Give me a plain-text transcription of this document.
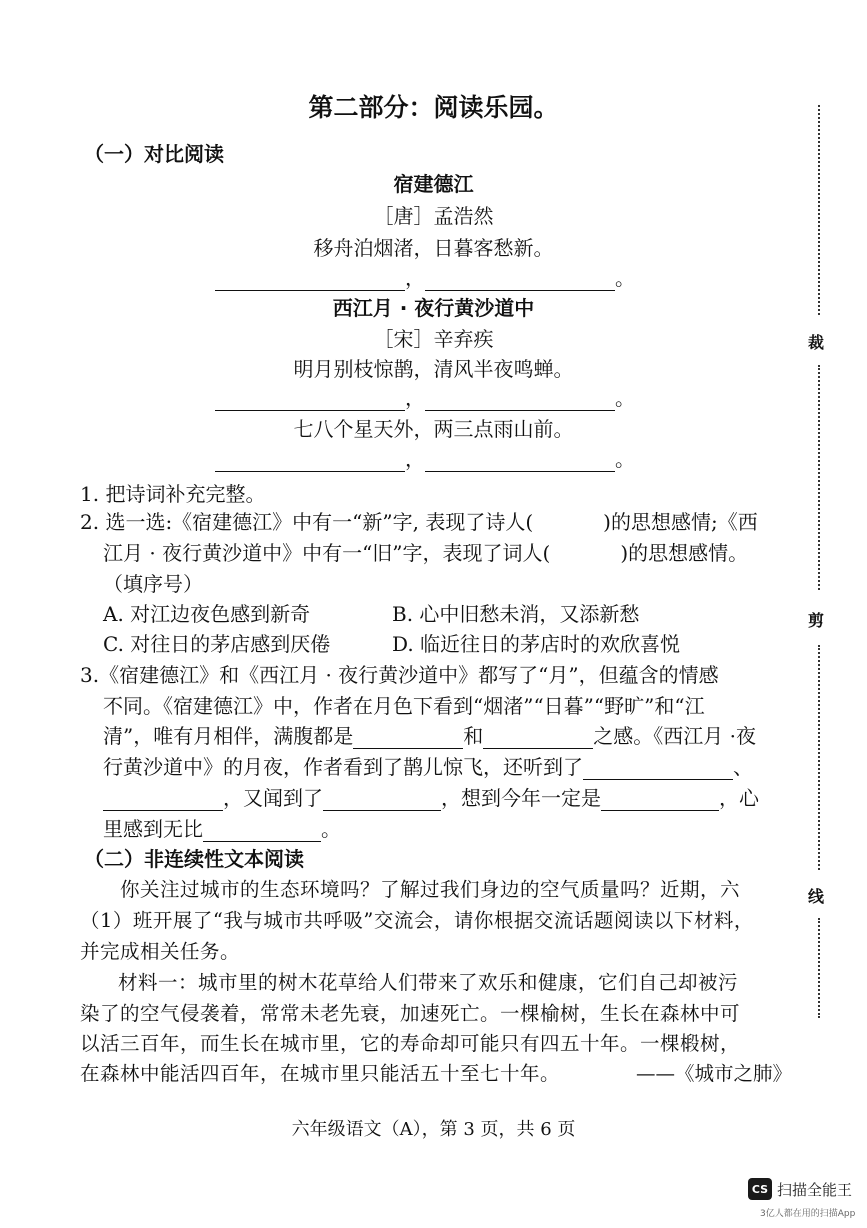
第二部分：阅读乐园。
（一）对比阅读
宿建德江
［唐］孟浩然
移舟泊烟渚，日暮客愁新。
，	。
西江月 · 夜行黄沙道中
［宋］辛弃疾
明月别枝惊鹊，清风半夜鸣蝉。
，	。
七八个星天外，两三点雨山前。
，	。
1. 把诗词补充完整。
2. 选一选:《宿建德江》中有一“新”字, 表现了诗人(	)的思想感情;《西
江月 · 夜行黄沙道中》中有一“旧”字，表现了词人(	)的思想感情。
（填序号）
A. 对江边夜色感到新奇	B. 心中旧愁未消，又添新愁
C. 对往日的茅店感到厌倦	D. 临近往日的茅店时的欢欣喜悦
3.《宿建德江》和《西江月 · 夜行黄沙道中》都写了“月”，但蕴含的情感
不同。《宿建德江》中，作者在月色下看到“烟渚”“日暮”“野旷”和“江
清”，唯有月相伴，满腹都是	和	之感。《西江月 ·夜
行黄沙道中》的月夜，作者看到了鹊儿惊飞，还听到了	、
，又闻到了	，想到今年一定是	，心
里感到无比	。
（二）非连续性文本阅读
你关注过城市的生态环境吗？了解过我们身边的空气质量吗？近期，六
（1）班开展了“我与城市共呼吸”交流会，请你根据交流话题阅读以下材料，
并完成相关任务。
材料一：城市里的树木花草给人们带来了欢乐和健康，它们自己却被污
染了的空气侵袭着，常常未老先衰，加速死亡。一棵榆树，生长在森林中可
以活三百年，而生长在城市里，它的寿命却可能只有四五十年。一棵椴树，
在森林中能活四百年，在城市里只能活五十至七十年。	——《城市之肺》
六年级语文（A），第 3 页，共 6 页
裁
剪
线
CS 扫描全能王
3亿人都在用的扫描App
